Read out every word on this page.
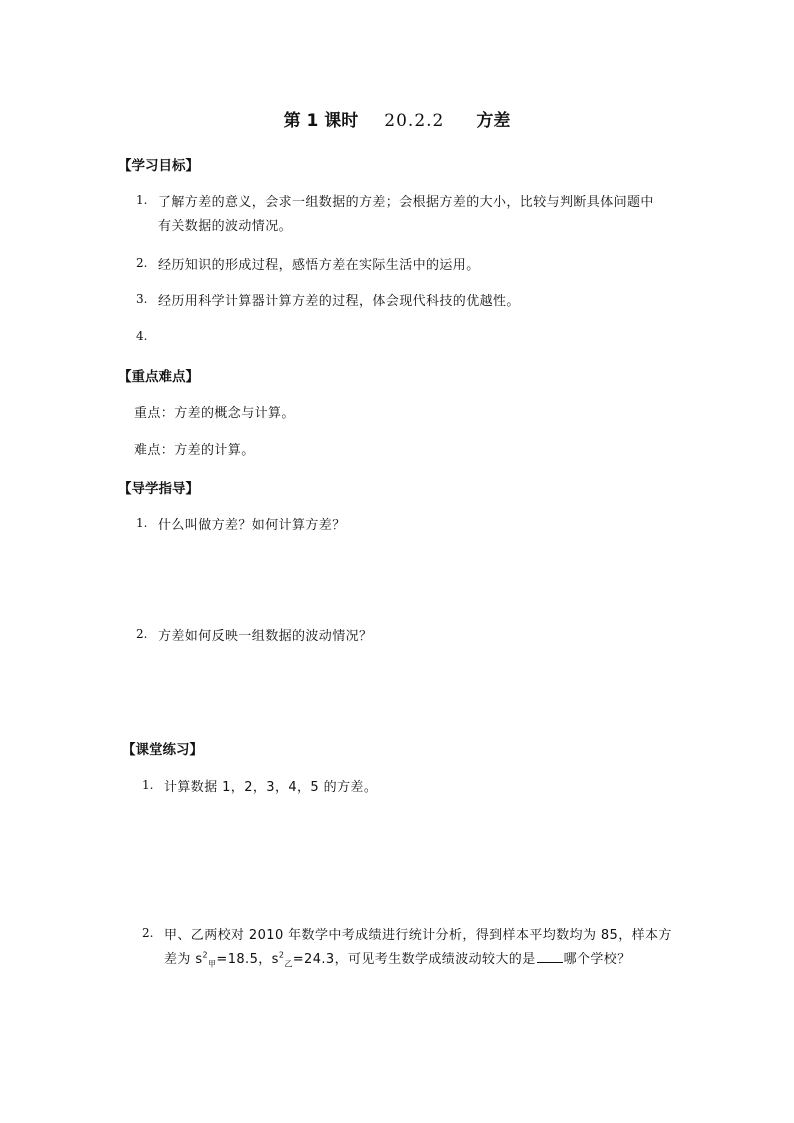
第 1 课时 20.2.2 方差
【学习目标】
1. 了解方差的意义，会求一组数据的方差；会根据方差的大小，比较与判断具体问题中
有关数据的波动情况。
2. 经历知识的形成过程，感悟方差在实际生活中的运用。
3. 经历用科学计算器计算方差的过程，体会现代科技的优越性。
4.
【重点难点】
重点：方差的概念与计算。
难点：方差的计算。
【导学指导】
1. 什么叫做方差？如何计算方差？
2. 方差如何反映一组数据的波动情况？
【课堂练习】
1. 计算数据 1，2，3，4，5 的方差。
2. 甲、乙两校对 2010 年数学中考成绩进行统计分析，得到样本平均数均为 85，样本方
差为 $s^2_甲=18.5$，$s^2_乙=24.3$，可见考生数学成绩波动较大的是 哪个学校？
